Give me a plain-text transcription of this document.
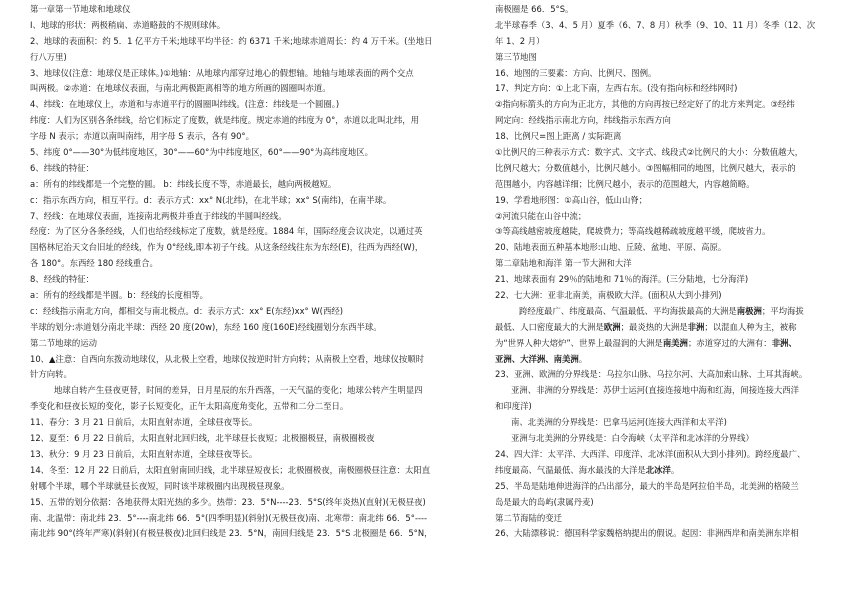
第一章第一节地球和地球仪
Ⅰ、地球的形状：两极稍扁、赤道略鼓的不规则球体。
2、地球的表面积：约 5．1 亿平方千米;地球平均半径：约 6371 千米;地球赤道周长：约 4 万千米。(坐地日
行八万里)
3、地球仪(注意：地球仪是正球体。)①地轴：从地球内部穿过地心的假想轴。地轴与地球表面的两个交点
叫两极。②赤道：在地球仪表面，与南北两极距离相等的地方所画的圆圈叫赤道。
4、纬线：在地球仪上，赤道和与赤道平行的圆圈叫纬线。(注意：纬线是一个圆圈。)
纬度：人们为区别各条纬线，给它们标定了度数，就是纬度。规定赤道的纬度为 0°，赤道以北叫北纬，用
字母 N 表示；赤道以南叫南纬，用字母 S 表示，各有 90°。
5、纬度 0°——30°为低纬度地区，30°——60°为中纬度地区，60°——90°为高纬度地区。
6、纬线的特征：
a：所有的纬线都是一个完整的圆。 b：纬线长度不等，赤道最长，越向两极越短。
c：指示东西方向，相互平行。d：表示方式：xx° N(北纬)，在北半球；xx° S(南纬)，在南半球。
7、经线：在地球仪表面，连接南北两极并垂直于纬线的半圆叫经线。
经度：为了区分各条经线，人们也给经线标定了度数，就是经度。1884 年，国际经度会议决定，以通过英
国格林尼治天文台旧址的经线，作为 0°经线,即本初子午线。从这条经线往东为东经(E)，往西为西经(W)，
各 180°。东西经 180 经线重合。
8、经线的特征：
a：所有的经线都是半圆。b：经线的长度相等。
c：经线指示南北方向，都相交与南北极点。d：表示方式：xx° E(东经)xx° W(西经)
半球的划分:赤道划分南北半球：西经 20 度(20w)，东经 160 度(160E)经线圈划分东西半球。
第二节地球的运动
10、▲注意：自西向东拨动地球仪，从北极上空看，地球仪按逆时针方向转；从南极上空看，地球仪按顺时
针方向转。
地球自转产生昼夜更替，时间的差异，日月星辰的东升西落，一天气温的变化；地球公转产生明显四
季变化和昼夜长短的变化，影子长短变化，正午太阳高度角变化，五带和二分二至日。
11、春分：3 月 21 日前后，太阳直射赤道，全球昼夜等长。
12、夏至：6 月 22 日前后，太阳直射北回归线，北半球昼长夜短；北极圈极昼，南极圈极夜
13、秋分：9 月 23 日前后，太阳直射赤道，全球昼夜等长。
14、冬至：12 月 22 日前后，太阳直射南回归线，北半球昼短夜长；北极圈极夜，南极圈极昼注意：太阳直
射哪个半球，哪个半球就昼长夜短，同时该半球极圈内出现极昼现象。
15、五带的划分依据：各地获得太阳光热的多少。热带：23．5°N----23．5°S(终年炎热)(直射)(无极昼夜)
南、北温带：南北纬 23．5°----南北纬 66．5°(四季明显)(斜射)(无极昼夜)南、北寒带：南北纬 66．5°----
南北纬 90°(终年严寒)(斜射)(有极昼极夜)北回归线是 23．5°N，南回归线是 23．5°S 北极圈是 66．5°N，
南极圈是 66．5°S。
北半球春季（3、4、5 月）夏季（6、7、8 月）秋季（9、10、11 月）冬季（12、次
年 1、2 月）
第三节地图
16、地图的三要素：方向、比例尺、图例。
17、判定方向：①上北下南，左西右东。(没有指向标和经纬网时)
②指向标箭头的方向为正北方，其他的方向再按已经定好了的北方来判定。③经纬
网定向：经线指示南北方向，纬线指示东西方向
18、比例尺=图上距离 / 实际距离
①比例尺的三种表示方式：数字式、文字式、线段式②比例尺的大小：分数值越大，
比例尺越大；分数值越小，比例尺越小。③图幅相同的地图，比例尺越大，表示的
范围越小，内容越详细；比例尺越小，表示的范围越大，内容越简略。
19、学看地形图：①高山谷，低山山脊；
②河流只能在山谷中流；
③等高线越密坡度越陡，爬坡费力；等高线越稀疏坡度越平缓，爬坡省力。
20、陆地表面五种基本地形:山地、丘陵、盆地、平原、高原。
第二章陆地和海洋 第一节大洲和大洋
21、地球表面有 29％的陆地和 71％的海洋。(三分陆地，七分海洋)
22、七大洲：亚非北南美，南极欧大洋。(面积从大到小排列)
跨经度最广、纬度最高、气温最低、平均海拔最高的大洲是南极洲；平均海拔
最低、人口密度最大的大洲是欧洲；最炎热的大洲是非洲；以混血人种为主，被称
为“世界人种大熔炉”、世界上最湿润的大洲是南美洲；赤道穿过的大洲有：非洲、
亚洲、大洋洲、南美洲。
23、亚洲、欧洲的分界线是：乌拉尔山脉、乌拉尔河、大高加索山脉、土耳其海峡。
亚洲、非洲的分界线是：苏伊士运河(直接连接地中海和红海，间接连接大西洋
和印度洋)
南、北美洲的分界线是：巴拿马运河(连接大西洋和太平洋)
亚洲与北美洲的分界线是：白令海峡（太平洋和北冰洋的分界线）
24、四大洋：太平洋、大西洋、印度洋、北冰洋(面积从大到小排列)。跨经度最广、
纬度最高、气温最低、海水最浅的大洋是北冰洋。
25、半岛是陆地伸进海洋的凸出部分，最大的半岛是阿拉伯半岛，北美洲的格陵兰
岛是最大的岛屿(隶属丹麦)
第二节海陆的变迁
26、大陆漂移说：德国科学家魏格纳提出的假说。起因：非洲西岸和南美洲东岸相
